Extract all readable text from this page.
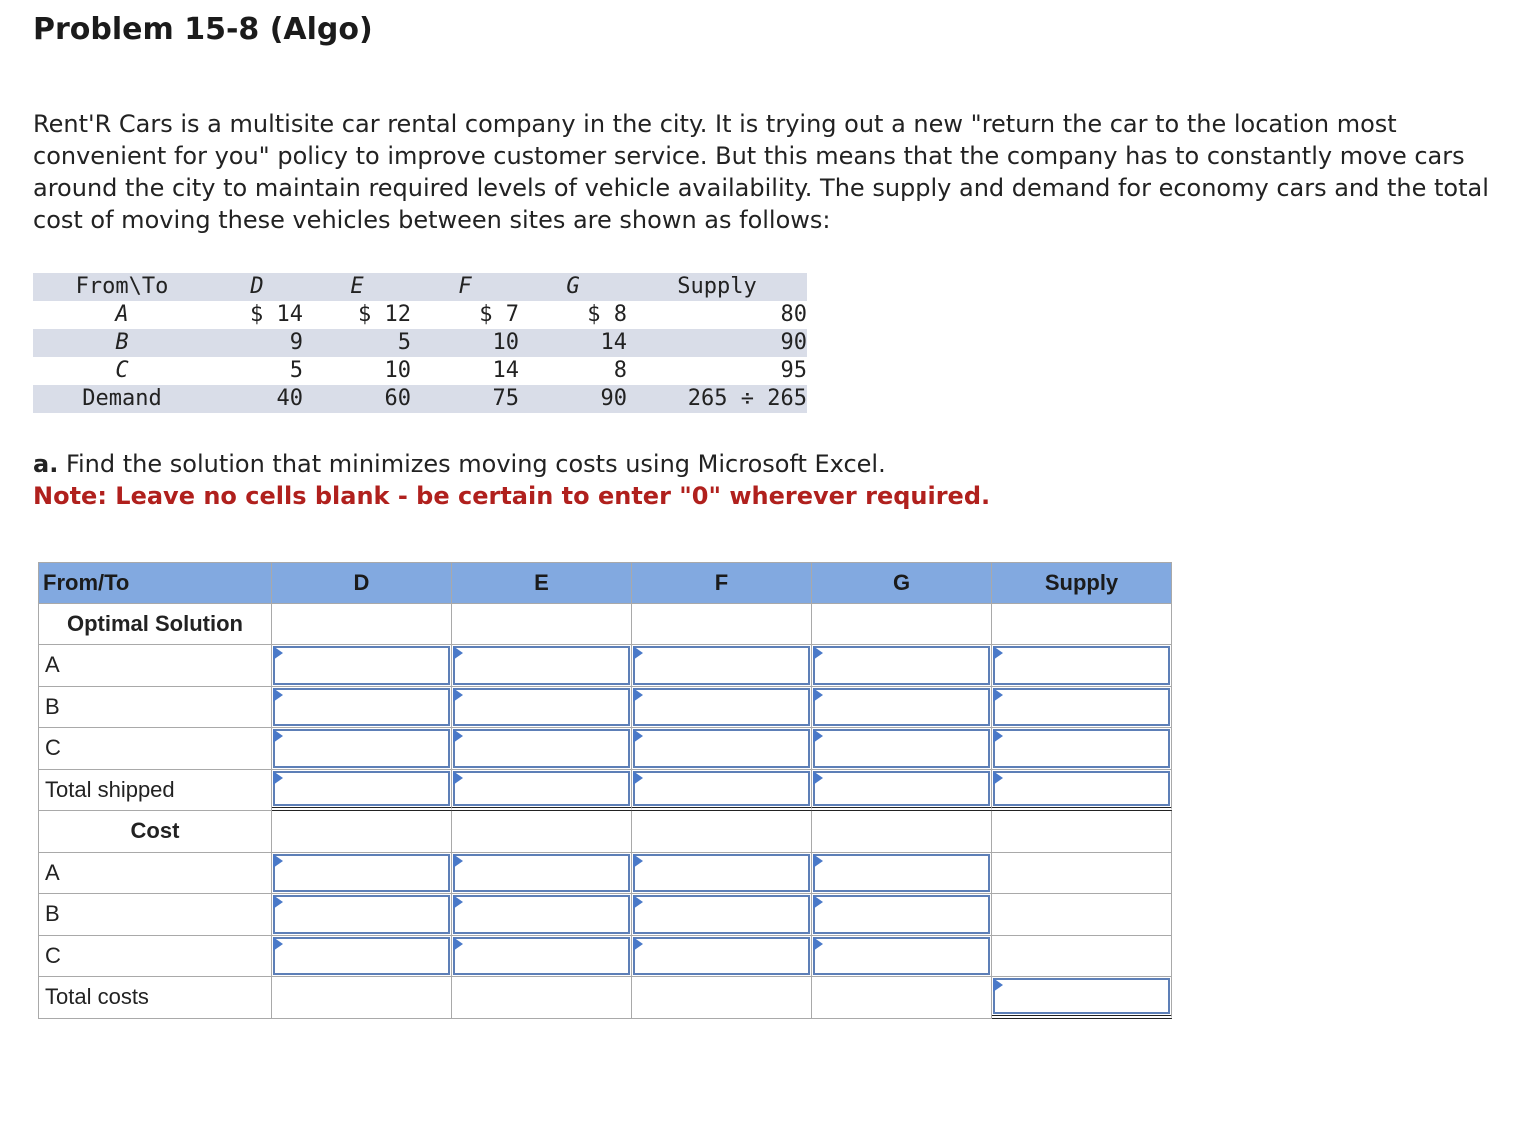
Problem 15-8 (Algo)

Rent'R Cars is a multisite car rental company in the city. It is trying out a new "return the car to the location most convenient for you" policy to improve customer service. But this means that the company has to constantly move cars around the city to maintain required levels of vehicle availability. The supply and demand for economy cars and the total cost of moving these vehicles between sites are shown as follows:

From\To	D	E	F	G	Supply
A	$ 14	$ 12	$ 7	$ 8	80
B	9	5	10	14	90
C	5	10	14	8	95
Demand	40	60	75	90	265 ÷ 265

a. Find the solution that minimizes moving costs using Microsoft Excel.
Note: Leave no cells blank - be certain to enter "0" wherever required.

From/To	D	E	F	G	Supply
Optimal Solution
A
B
C
Total shipped
Cost
A
B
C
Total costs
